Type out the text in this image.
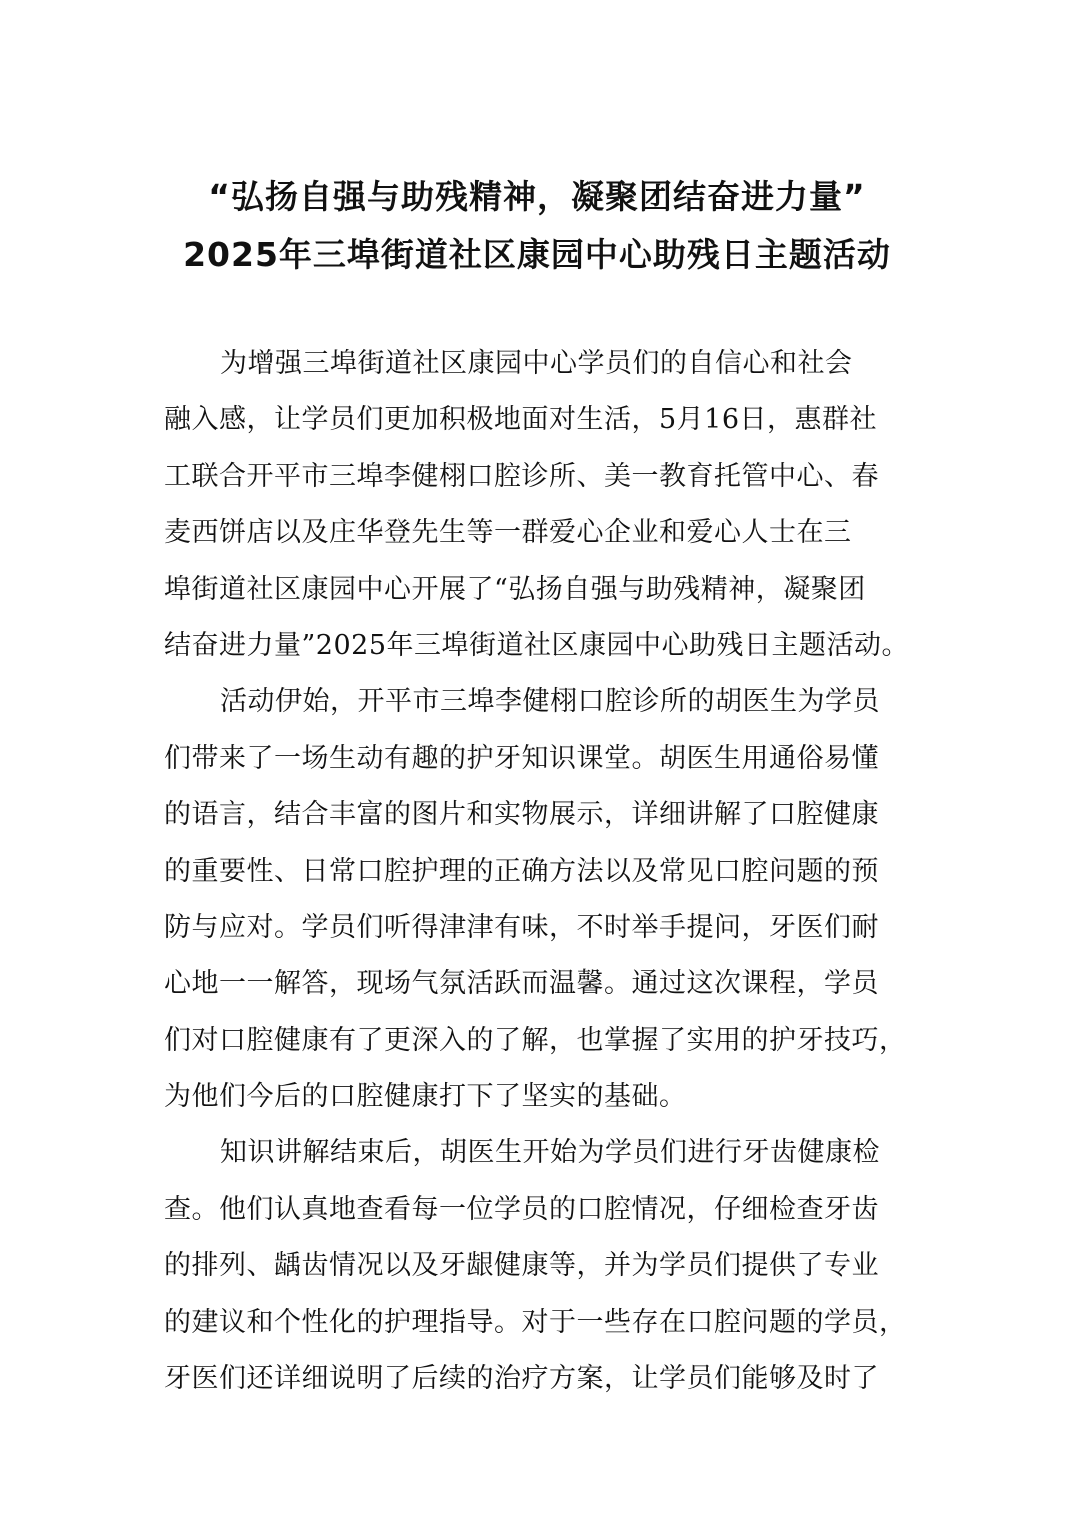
“弘扬自强与助残精神，凝聚团结奋进力量”
2025年三埠街道社区康园中心助残日主题活动
为增强三埠街道社区康园中心学员们的自信心和社会
融入感，让学员们更加积极地面对生活，5月16日，惠群社
工联合开平市三埠李健栩口腔诊所、美一教育托管中心、春
麦西饼店以及庄华登先生等一群爱心企业和爱心人士在三
埠街道社区康园中心开展了“弘扬自强与助残精神，凝聚团
结奋进力量”2025年三埠街道社区康园中心助残日主题活动。
活动伊始，开平市三埠李健栩口腔诊所的胡医生为学员
们带来了一场生动有趣的护牙知识课堂。胡医生用通俗易懂
的语言，结合丰富的图片和实物展示，详细讲解了口腔健康
的重要性、日常口腔护理的正确方法以及常见口腔问题的预
防与应对。学员们听得津津有味，不时举手提问，牙医们耐
心地一一解答，现场气氛活跃而温馨。通过这次课程，学员
们对口腔健康有了更深入的了解，也掌握了实用的护牙技巧，
为他们今后的口腔健康打下了坚实的基础。
知识讲解结束后，胡医生开始为学员们进行牙齿健康检
查。他们认真地查看每一位学员的口腔情况，仔细检查牙齿
的排列、龋齿情况以及牙龈健康等，并为学员们提供了专业
的建议和个性化的护理指导。对于一些存在口腔问题的学员，
牙医们还详细说明了后续的治疗方案，让学员们能够及时了
